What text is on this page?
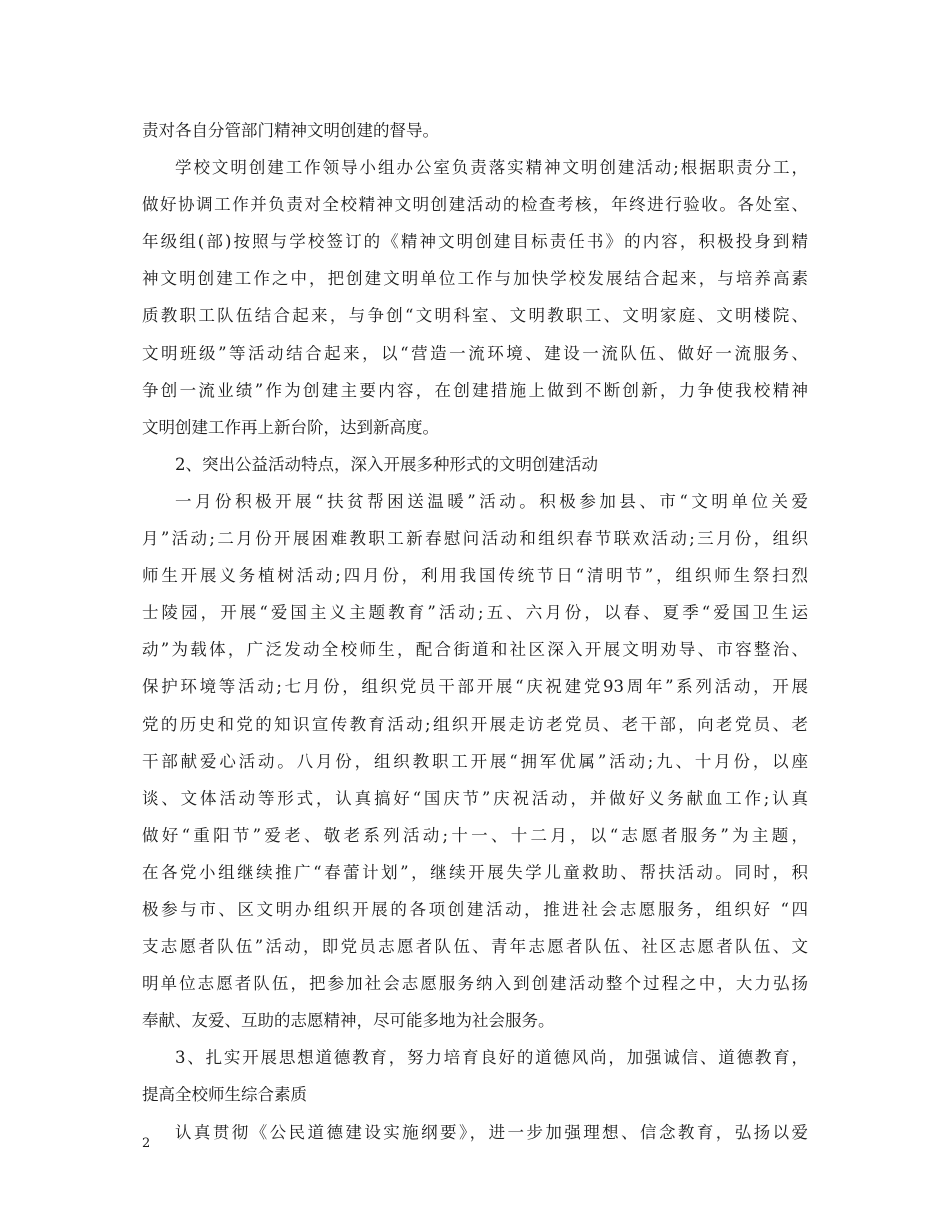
责对各自分管部门精神文明创建的督导。
学校文明创建工作领导小组办公室负责落实精神文明创建活动;根据职责分工，
做好协调工作并负责对全校精神文明创建活动的检查考核，年终进行验收。各处室、
年级组(部)按照与学校签订的《精神文明创建目标责任书》的内容，积极投身到精
神文明创建工作之中，把创建文明单位工作与加快学校发展结合起来，与培养高素
质教职工队伍结合起来，与争创“文明科室、文明教职工、文明家庭、文明楼院、
文明班级”等活动结合起来，以“营造一流环境、建设一流队伍、做好一流服务、
争创一流业绩”作为创建主要内容，在创建措施上做到不断创新，力争使我校精神
文明创建工作再上新台阶，达到新高度。
2、突出公益活动特点，深入开展多种形式的文明创建活动
一月份积极开展“扶贫帮困送温暖”活动。积极参加县、市“文明单位关爱
月”活动;二月份开展困难教职工新春慰问活动和组织春节联欢活动;三月份，组织
师生开展义务植树活动;四月份，利用我国传统节日“清明节”，组织师生祭扫烈
士陵园，开展“爱国主义主题教育”活动;五、六月份，以春、夏季“爱国卫生运
动”为载体，广泛发动全校师生，配合街道和社区深入开展文明劝导、市容整治、
保护环境等活动;七月份，组织党员干部开展“庆祝建党93周年”系列活动，开展
党的历史和党的知识宣传教育活动;组织开展走访老党员、老干部，向老党员、老
干部献爱心活动。八月份，组织教职工开展“拥军优属”活动;九、十月份，以座
谈、文体活动等形式，认真搞好“国庆节”庆祝活动，并做好义务献血工作;认真
做好“重阳节”爱老、敬老系列活动;十一、十二月，以“志愿者服务”为主题，
在各党小组继续推广“春蕾计划”，继续开展失学儿童救助、帮扶活动。同时，积
极参与市、区文明办组织开展的各项创建活动，推进社会志愿服务，组织好 “四
支志愿者队伍”活动，即党员志愿者队伍、青年志愿者队伍、社区志愿者队伍、文
明单位志愿者队伍，把参加社会志愿服务纳入到创建活动整个过程之中，大力弘扬
奉献、友爱、互助的志愿精神，尽可能多地为社会服务。
3、扎实开展思想道德教育，努力培育良好的道德风尚，加强诚信、道德教育，
提高全校师生综合素质
认真贯彻《公民道德建设实施纲要》，进一步加强理想、信念教育，弘扬以爱
2
